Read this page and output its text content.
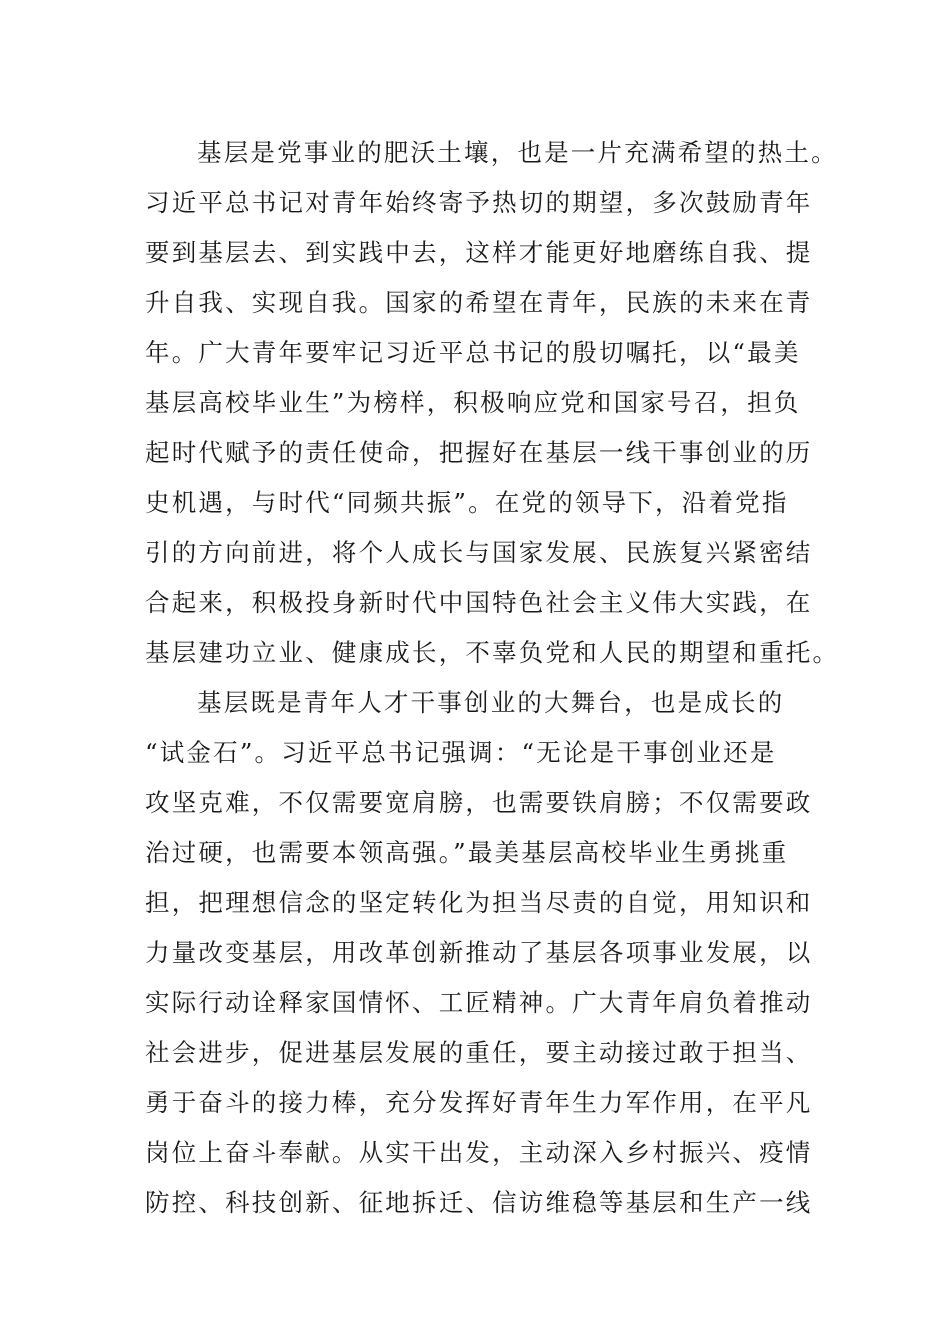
基层是党事业的肥沃土壤，也是一片充满希望的热土。
习近平总书记对青年始终寄予热切的期望，多次鼓励青年
要到基层去、到实践中去，这样才能更好地磨练自我、提
升自我、实现自我。国家的希望在青年，民族的未来在青
年。广大青年要牢记习近平总书记的殷切嘱托，以“最美
基层高校毕业生”为榜样，积极响应党和国家号召，担负
起时代赋予的责任使命，把握好在基层一线干事创业的历
史机遇，与时代“同频共振”。在党的领导下，沿着党指
引的方向前进，将个人成长与国家发展、民族复兴紧密结
合起来，积极投身新时代中国特色社会主义伟大实践，在
基层建功立业、健康成长，不辜负党和人民的期望和重托。
基层既是青年人才干事创业的大舞台，也是成长的
“试金石”。习近平总书记强调：“无论是干事创业还是
攻坚克难，不仅需要宽肩膀，也需要铁肩膀；不仅需要政
治过硬，也需要本领高强。”最美基层高校毕业生勇挑重
担，把理想信念的坚定转化为担当尽责的自觉，用知识和
力量改变基层，用改革创新推动了基层各项事业发展，以
实际行动诠释家国情怀、工匠精神。广大青年肩负着推动
社会进步，促进基层发展的重任，要主动接过敢于担当、
勇于奋斗的接力棒，充分发挥好青年生力军作用，在平凡
岗位上奋斗奉献。从实干出发，主动深入乡村振兴、疫情
防控、科技创新、征地拆迁、信访维稳等基层和生产一线
